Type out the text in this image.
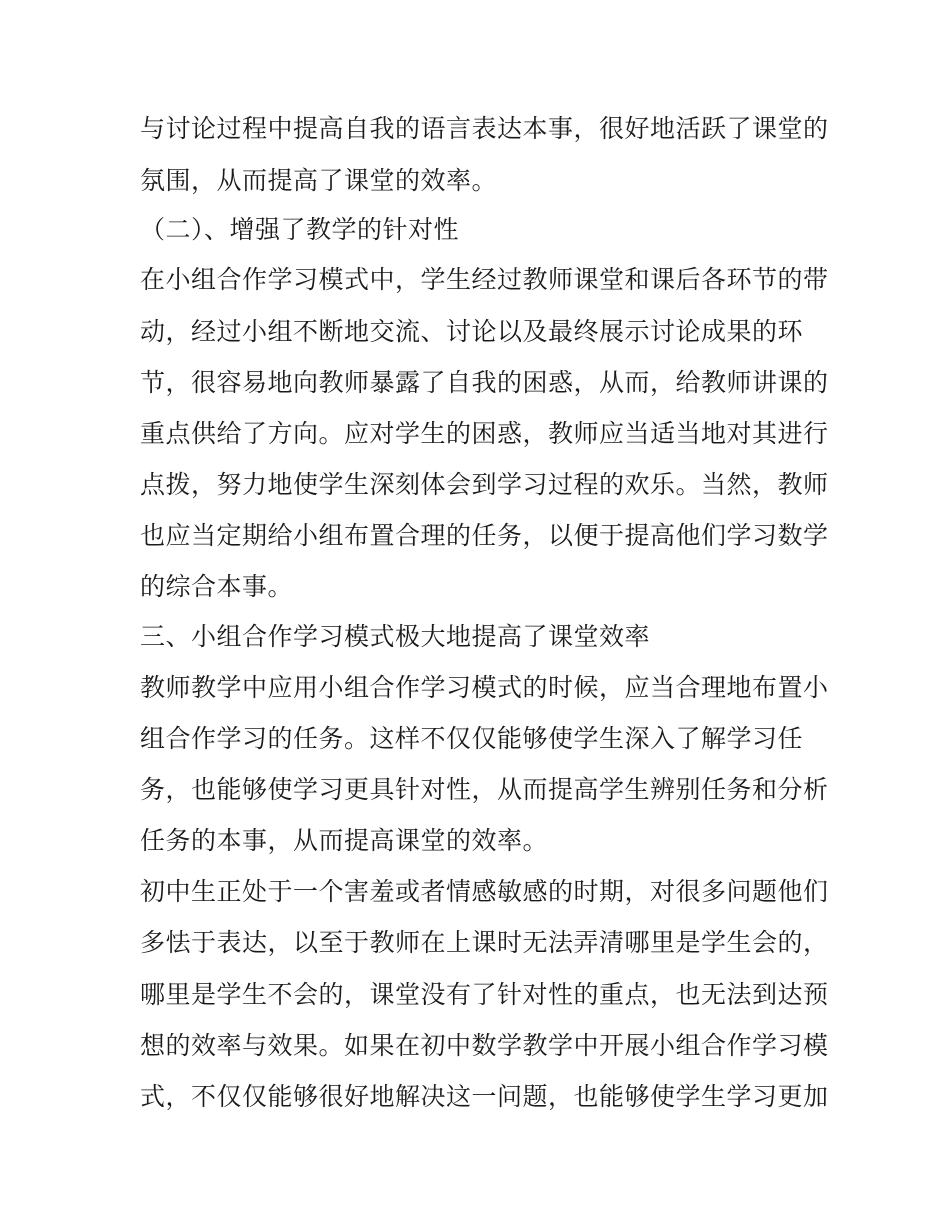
与讨论过程中提高自我的语言表达本事，很好地活跃了课堂的
氛围，从而提高了课堂的效率。
（二）、增强了教学的针对性
在小组合作学习模式中，学生经过教师课堂和课后各环节的带
动，经过小组不断地交流、讨论以及最终展示讨论成果的环
节，很容易地向教师暴露了自我的困惑，从而，给教师讲课的
重点供给了方向。应对学生的困惑，教师应当适当地对其进行
点拨，努力地使学生深刻体会到学习过程的欢乐。当然，教师
也应当定期给小组布置合理的任务，以便于提高他们学习数学
的综合本事。
三、小组合作学习模式极大地提高了课堂效率
教师教学中应用小组合作学习模式的时候，应当合理地布置小
组合作学习的任务。这样不仅仅能够使学生深入了解学习任
务，也能够使学习更具针对性，从而提高学生辨别任务和分析
任务的本事，从而提高课堂的效率。
初中生正处于一个害羞或者情感敏感的时期，对很多问题他们
多怯于表达，以至于教师在上课时无法弄清哪里是学生会的，
哪里是学生不会的，课堂没有了针对性的重点，也无法到达预
想的效率与效果。如果在初中数学教学中开展小组合作学习模
式，不仅仅能够很好地解决这一问题，也能够使学生学习更加
